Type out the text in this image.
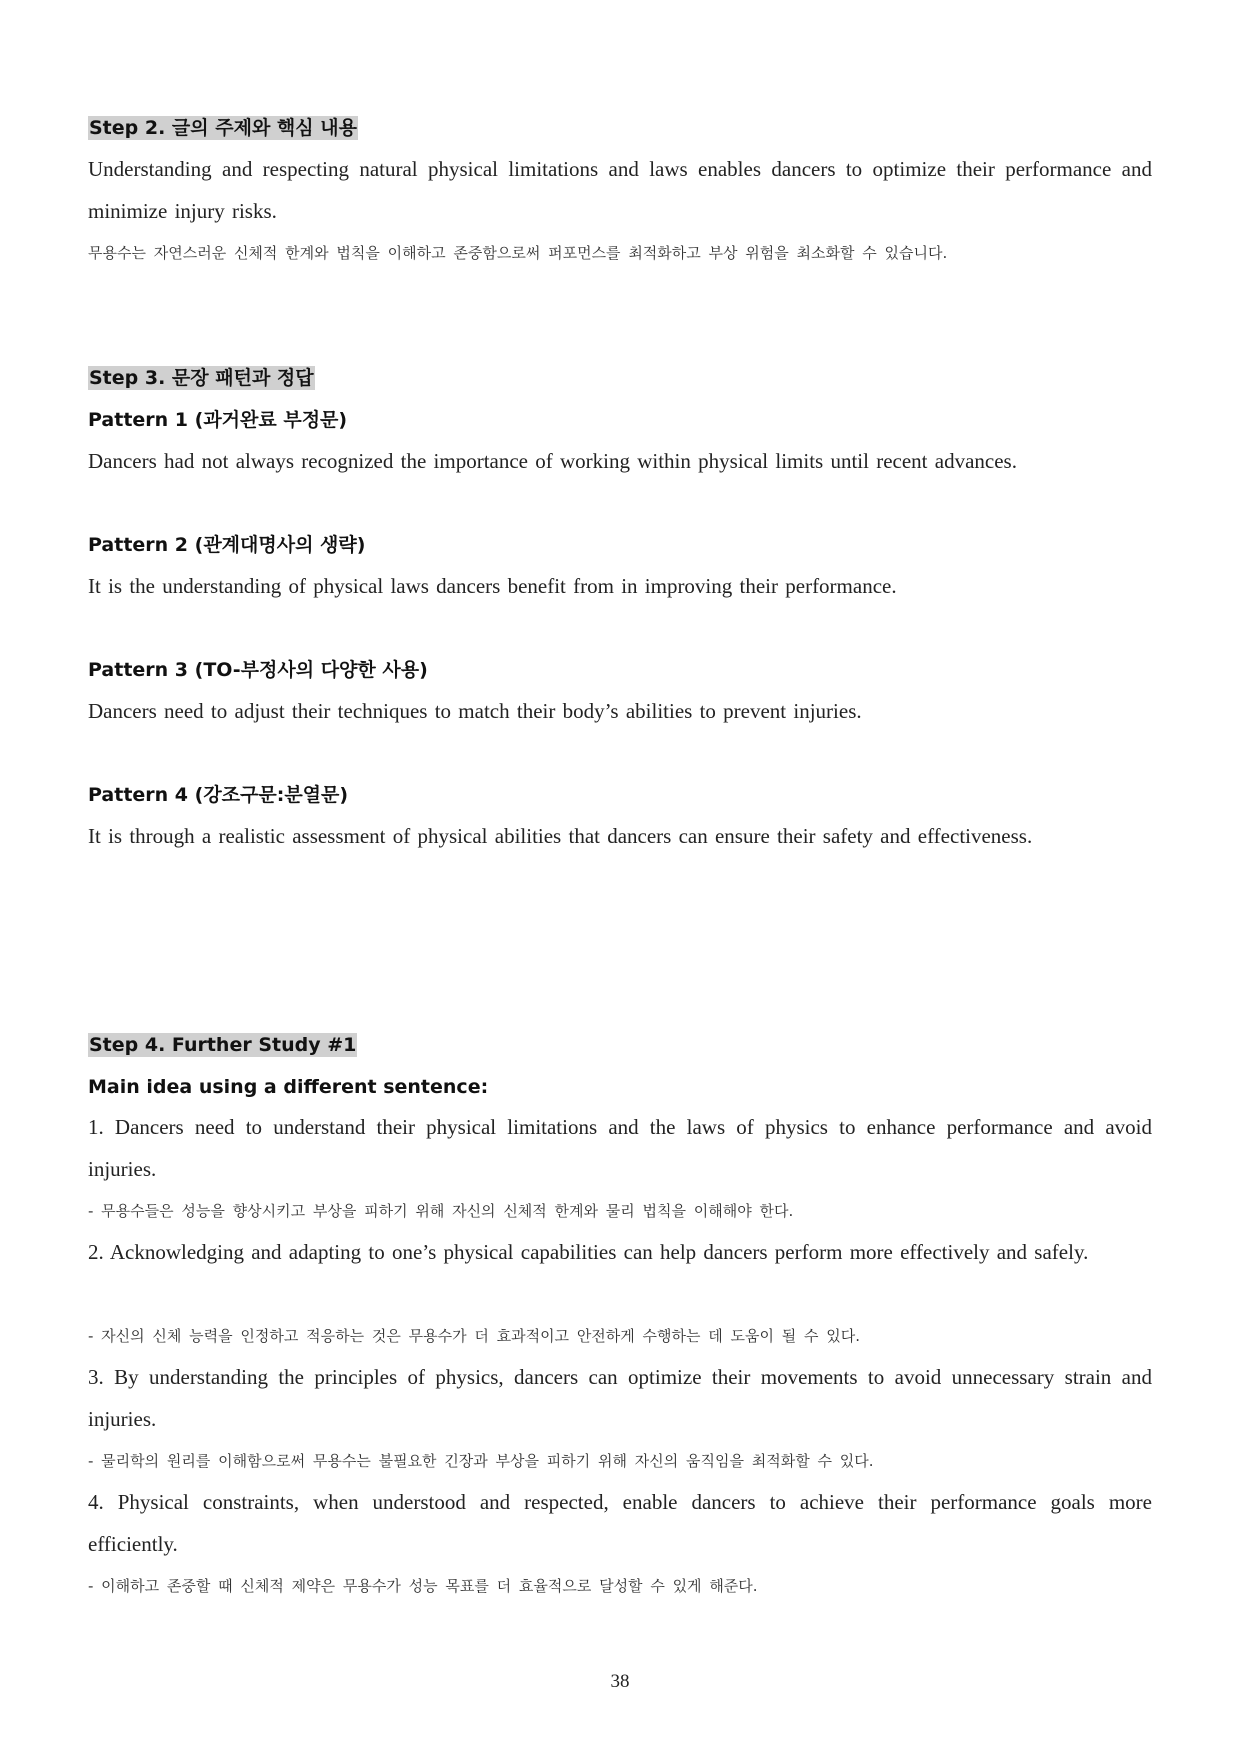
Step 2. 글의 주제와 핵심 내용
Understanding and respecting natural physical limitations and laws enables dancers to optimize their performance and minimize injury risks.
무용수는 자연스러운 신체적 한계와 법칙을 이해하고 존중함으로써 퍼포먼스를 최적화하고 부상 위험을 최소화할 수 있습니다.
Step 3. 문장 패턴과 정답
Pattern 1 (과거완료 부정문)
Dancers had not always recognized the importance of working within physical limits until recent advances.
Pattern 2 (관계대명사의 생략)
It is the understanding of physical laws dancers benefit from in improving their performance.
Pattern 3 (TO-부정사의 다양한 사용)
Dancers need to adjust their techniques to match their body’s abilities to prevent injuries.
Pattern 4 (강조구문:분열문)
It is through a realistic assessment of physical abilities that dancers can ensure their safety and effectiveness.
Step 4. Further Study #1
Main idea using a different sentence:
1. Dancers need to understand their physical limitations and the laws of physics to enhance performance and avoid injuries.
- 무용수들은 성능을 향상시키고 부상을 피하기 위해 자신의 신체적 한계와 물리 법칙을 이해해야 한다.
2. Acknowledging and adapting to one’s physical capabilities can help dancers perform more effectively and safely.
- 자신의 신체 능력을 인정하고 적응하는 것은 무용수가 더 효과적이고 안전하게 수행하는 데 도움이 될 수 있다.
3. By understanding the principles of physics, dancers can optimize their movements to avoid unnecessary strain and injuries.
- 물리학의 원리를 이해함으로써 무용수는 불필요한 긴장과 부상을 피하기 위해 자신의 움직임을 최적화할 수 있다.
4. Physical constraints, when understood and respected, enable dancers to achieve their performance goals more efficiently.
- 이해하고 존중할 때 신체적 제약은 무용수가 성능 목표를 더 효율적으로 달성할 수 있게 해준다.
38
